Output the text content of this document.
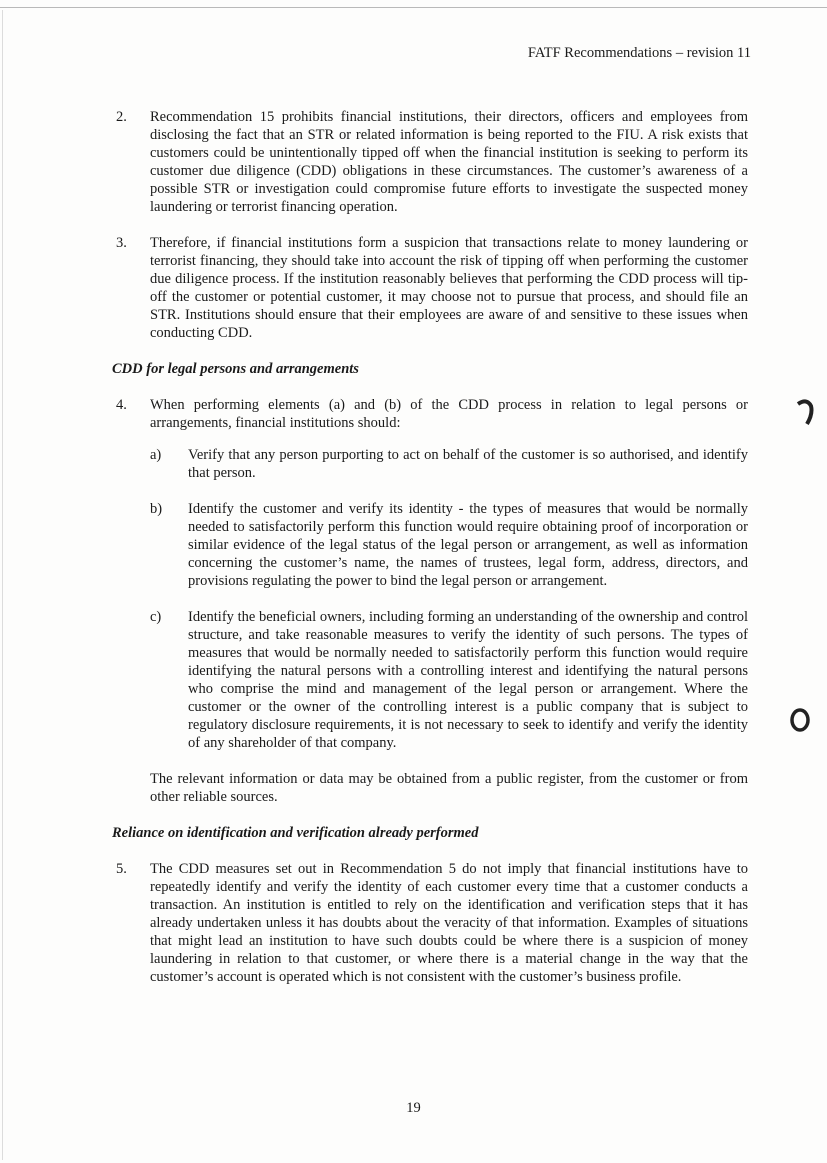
FATF Recommendations – revision 11
2. Recommendation 15 prohibits financial institutions, their directors, officers and employees from disclosing the fact that an STR or related information is being reported to the FIU. A risk exists that customers could be unintentionally tipped off when the financial institution is seeking to perform its customer due diligence (CDD) obligations in these circumstances. The customer’s awareness of a possible STR or investigation could compromise future efforts to investigate the suspected money laundering or terrorist financing operation.

3. Therefore, if financial institutions form a suspicion that transactions relate to money laundering or terrorist financing, they should take into account the risk of tipping off when performing the customer due diligence process. If the institution reasonably believes that performing the CDD process will tip-off the customer or potential customer, it may choose not to pursue that process, and should file an STR. Institutions should ensure that their employees are aware of and sensitive to these issues when conducting CDD.

CDD for legal persons and arrangements
4. When performing elements (a) and (b) of the CDD process in relation to legal persons or arrangements, financial institutions should:

a) Verify that any person purporting to act on behalf of the customer is so authorised, and identify that person.

b) Identify the customer and verify its identity - the types of measures that would be normally needed to satisfactorily perform this function would require obtaining proof of incorporation or similar evidence of the legal status of the legal person or arrangement, as well as information concerning the customer’s name, the names of trustees, legal form, address, directors, and provisions regulating the power to bind the legal person or arrangement.

c) Identify the beneficial owners, including forming an understanding of the ownership and control structure, and take reasonable measures to verify the identity of such persons. The types of measures that would be normally needed to satisfactorily perform this function would require identifying the natural persons with a controlling interest and identifying the natural persons who comprise the mind and management of the legal person or arrangement. Where the customer or the owner of the controlling interest is a public company that is subject to regulatory disclosure requirements, it is not necessary to seek to identify and verify the identity of any shareholder of that company.

The relevant information or data may be obtained from a public register, from the customer or from other reliable sources.

Reliance on identification and verification already performed
5. The CDD measures set out in Recommendation 5 do not imply that financial institutions have to repeatedly identify and verify the identity of each customer every time that a customer conducts a transaction. An institution is entitled to rely on the identification and verification steps that it has already undertaken unless it has doubts about the veracity of that information. Examples of situations that might lead an institution to have such doubts could be where there is a suspicion of money laundering in relation to that customer, or where there is a material change in the way that the customer’s account is operated which is not consistent with the customer’s business profile.

19
